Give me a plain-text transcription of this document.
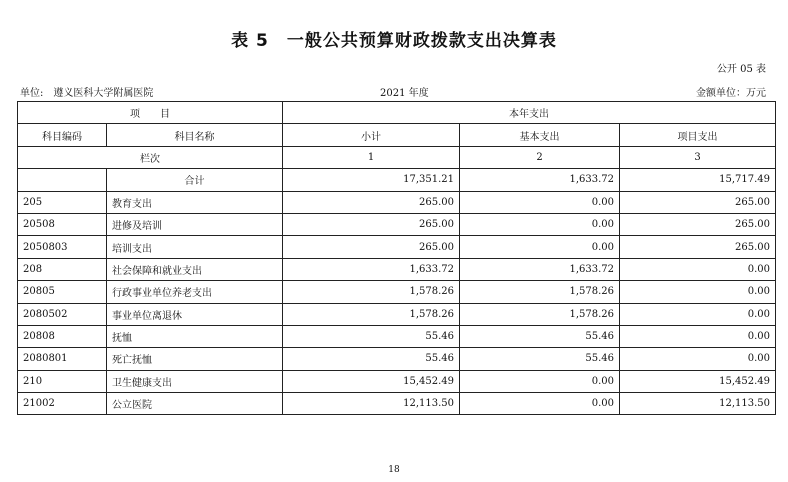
表 5　一般公共预算财政拨款支出决算表
公开 05 表
单位:　遵义医科大学附属医院	2021 年度	金额单位：万元
项　　目		本年支出		
科目编码	科目名称	小计	基本支出	项目支出
栏次		1	2	3
	合计	17,351.21	1,633.72	15,717.49
205	教育支出	265.00	0.00	265.00
20508	进修及培训	265.00	0.00	265.00
2050803	培训支出	265.00	0.00	265.00
208	社会保障和就业支出	1,633.72	1,633.72	0.00
20805	行政事业单位养老支出	1,578.26	1,578.26	0.00
2080502	事业单位离退休	1,578.26	1,578.26	0.00
20808	抚恤	55.46	55.46	0.00
2080801	死亡抚恤	55.46	55.46	0.00
210	卫生健康支出	15,452.49	0.00	15,452.49
21002	公立医院	12,113.50	0.00	12,113.50
18
